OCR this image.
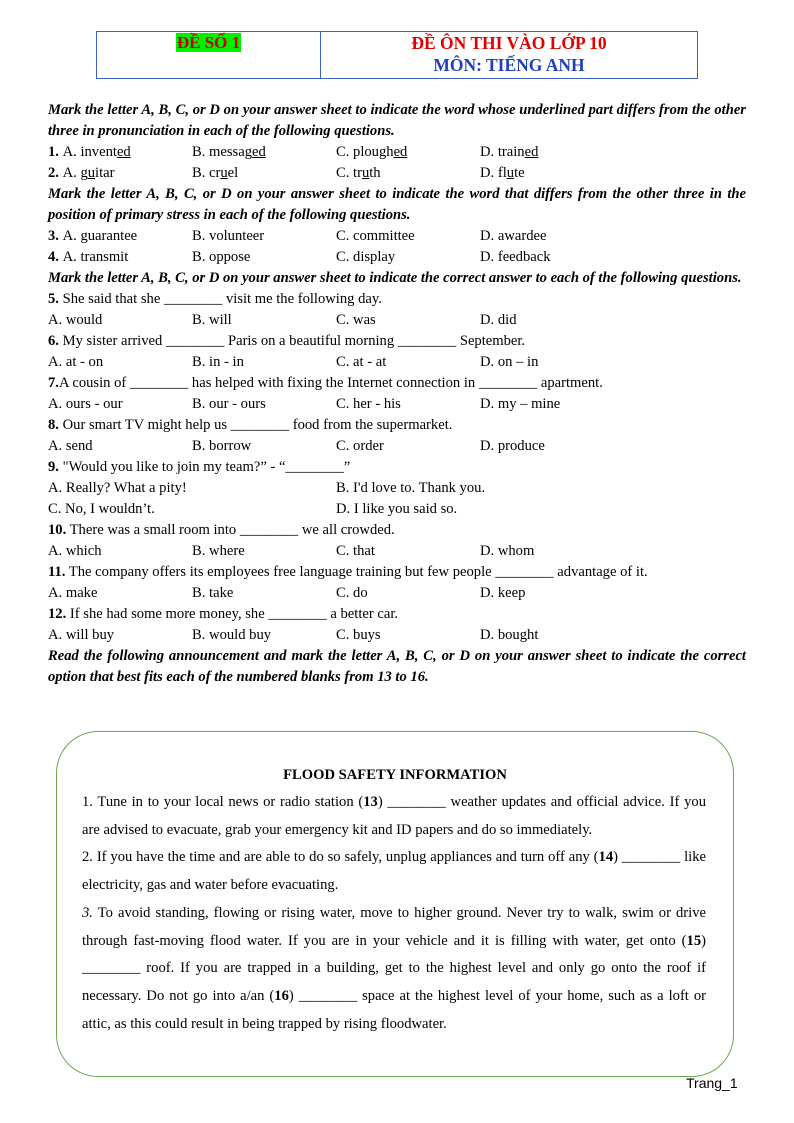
ĐỀ SỐ 1	ĐỀ ÔN THI VÀO LỚP 10
MÔN: TIẾNG ANH
Mark the letter A, B, C, or D on your answer sheet to indicate the word whose underlined part differs from the other three in pronunciation in each of the following questions.
1. A. invented	B. messaged	C. ploughed	D. trained
2. A. guitar	B. cruel	C. truth	D. flute
Mark the letter A, B, C, or D on your answer sheet to indicate the word that differs from the other three in the position of primary stress in each of the following questions.
3. A. guarantee	B. volunteer	C. committee	D. awardee
4. A. transmit	B. oppose	C. display	D. feedback
Mark the letter A, B, C, or D on your answer sheet to indicate the correct answer to each of the following questions.
5. She said that she ________ visit me the following day.
A. would	B. will	C. was	D. did
6. My sister arrived ________ Paris on a beautiful morning ________ September.
A. at - on	B. in - in	C. at - at	D. on – in
7.A cousin of ________ has helped with fixing the Internet connection in ________ apartment.
A. ours - our	B. our - ours	C. her - his	D. my – mine
8. Our smart TV might help us ________ food from the supermarket.
A. send	B. borrow	C. order	D. produce
9. "Would you like to join my team?” - “________”
A. Really? What a pity!	B. I'd love to. Thank you.
C. No, I wouldn’t.	D. I like you said so.
10. There was a small room into ________ we all crowded.
A. which	B. where	C. that	D. whom
11. The company offers its employees free language training but few people ________ advantage of it.
A. make	B. take	C. do	D. keep
12. If she had some more money, she ________ a better car.
A. will buy	B. would buy	C. buys	D. bought
Read the following announcement and mark the letter A, B, C, or D on your answer sheet to indicate the correct option that best fits each of the numbered blanks from 13 to 16.
FLOOD SAFETY INFORMATION

1. Tune in to your local news or radio station (13) ________ weather updates and official advice. If you are advised to evacuate, grab your emergency kit and ID papers and do so immediately.

2. If you have the time and are able to do so safely, unplug appliances and turn off any (14) ________ like electricity, gas and water before evacuating.

3. To avoid standing, flowing or rising water, move to higher ground. Never try to walk, swim or drive through fast-moving flood water. If you are in your vehicle and it is filling with water, get onto (15) ________ roof. If you are trapped in a building, get to the highest level and only go onto the roof if necessary. Do not go into a/an (16) ________ space at the highest level of your home, such as a loft or attic, as this could result in being trapped by rising floodwater.

Trang_1
